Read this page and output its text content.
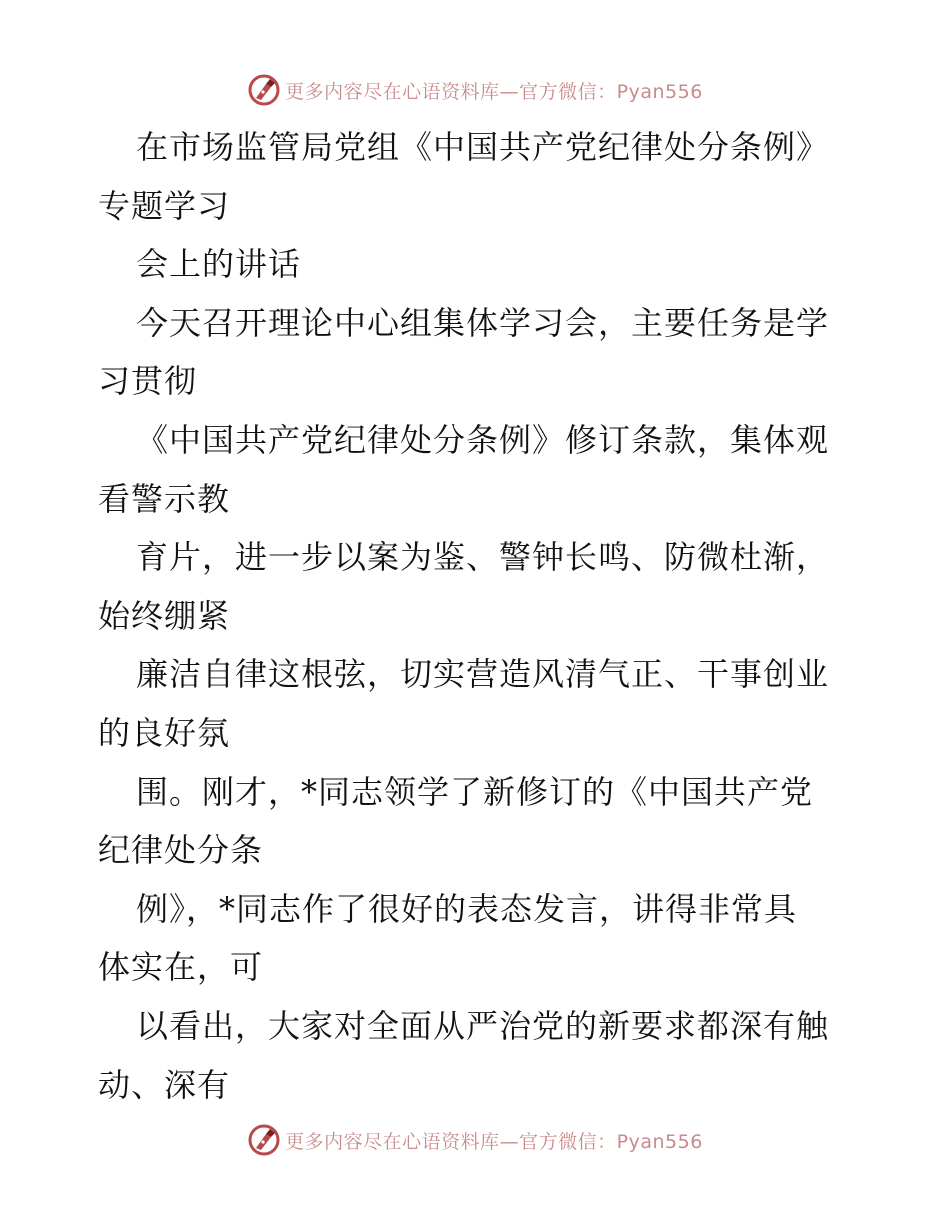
更多内容尽在心语资料库—官方微信：Pyan556
在市场监管局党组《中国共产党纪律处分条例》
专题学习
会上的讲话
今天召开理论中心组集体学习会，主要任务是学
习贯彻
《中国共产党纪律处分条例》修订条款，集体观
看警示教
育片，进一步以案为鉴、警钟长鸣、防微杜渐，
始终绷紧
廉洁自律这根弦，切实营造风清气正、干事创业
的良好氛
围。刚才，*同志领学了新修订的《中国共产党
纪律处分条
例》，*同志作了很好的表态发言，讲得非常具
体实在，可
以看出，大家对全面从严治党的新要求都深有触
动、深有
更多内容尽在心语资料库—官方微信：Pyan556
